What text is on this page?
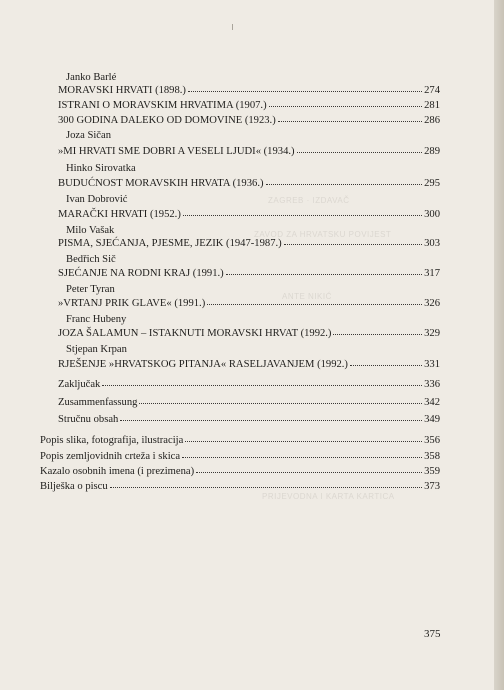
ZAGREB · IZDAVAČ
ZAVOD ZA HRVATSKU POVIJEST
ANTE NIKIĆ
PRIJEVODNA I KARTA KARTICA
Janko Barlé
MORAVSKI HRVATI (1898.)	274
ISTRANI O MORAVSKIM HRVATIMA (1907.)	281
300 GODINA DALEKO OD DOMOVINE (1923.)	286
Joza Sičan
»MI HRVATI SME DOBRI A VESELI LJUDI« (1934.)	289
Hinko Sirovatka
BUDUĆNOST MORAVSKIH HRVATA (1936.)	295
Ivan Dobrović
MARAČKI HRVATI (1952.)	300
Milo Vašak
PISMA, SJEĆANJA, PJESME, JEZIK (1947-1987.)	303
Bedřich Sič
SJEĆANJE NA RODNI KRAJ (1991.)	317
Peter Tyran
»VRTANJ PRIK GLAVE« (1991.)	326
Franc Hubeny
JOZA ŠALAMUN – ISTAKNUTI MORAVSKI HRVAT (1992.)	329
Stjepan Krpan
RJEŠENJE »HRVATSKOG PITANJA« RASELJAVANJEM (1992.)	331
Zaključak	336
Zusammenfassung	342
Stručnu obsah	349
Popis slika, fotografija, ilustracija	356
Popis zemljovidnih crteža i skica	358
Kazalo osobnih imena (i prezimena)	359
Bilješka o piscu	373
375
